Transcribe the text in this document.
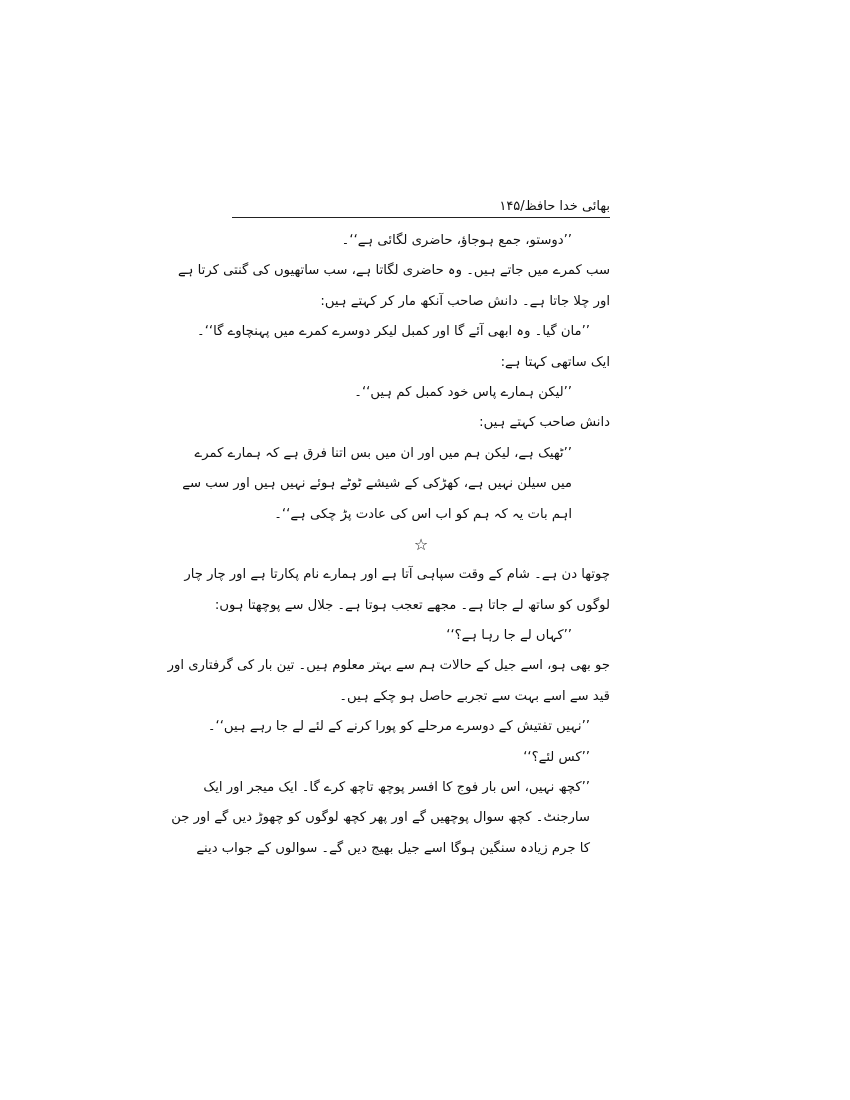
بھائی خدا حافظ/۱۴۵
’’دوستو، جمع ہوجاؤ، حاضری لگائی ہے‘‘۔
سب کمرے میں جاتے ہیں۔ وہ حاضری لگاتا ہے، سب ساتھیوں کی گنتی کرتا ہے
اور چلا جاتا ہے۔ دانش صاحب آنکھ مار کر کہتے ہیں:
’’مان گیا۔ وہ ابھی آئے گا اور کمبل لیکر دوسرے کمرے میں پہنچاوے گا‘‘۔
ایک ساتھی کہتا ہے:
’’لیکن ہمارے پاس خود کمبل کم ہیں‘‘۔
دانش صاحب کہتے ہیں:
’’ٹھیک ہے، لیکن ہم میں اور ان میں بس اتنا فرق ہے کہ ہمارے کمرے
میں سیلن نہیں ہے، کھڑکی کے شیشے ٹوٹے ہوئے نہیں ہیں اور سب سے
اہم بات یہ کہ ہم کو اب اس کی عادت پڑ چکی ہے‘‘۔
☆
چوتھا دن ہے۔ شام کے وقت سپاہی آتا ہے اور ہمارے نام پکارتا ہے اور چار چار
لوگوں کو ساتھ لے جاتا ہے۔ مجھے تعجب ہوتا ہے۔ جلال سے پوچھتا ہوں:
’’کہاں لے جا رہا ہے؟‘‘
جو بھی ہو، اسے جیل کے حالات ہم سے بہتر معلوم ہیں۔ تین بار کی گرفتاری اور
قید سے اسے بہت سے تجربے حاصل ہو چکے ہیں۔
’’نہیں تفتیش کے دوسرے مرحلے کو پورا کرنے کے لئے لے جا رہے ہیں‘‘۔
’’کس لئے؟‘‘
’’کچھ نہیں، اس بار فوج کا افسر پوچھ تاچھ کرے گا۔ ایک میجر اور ایک
سارجنٹ۔ کچھ سوال پوچھیں گے اور پھر کچھ لوگوں کو چھوڑ دیں گے اور جن
کا جرم زیادہ سنگین ہوگا اسے جیل بھیج دیں گے۔ سوالوں کے جواب دینے
